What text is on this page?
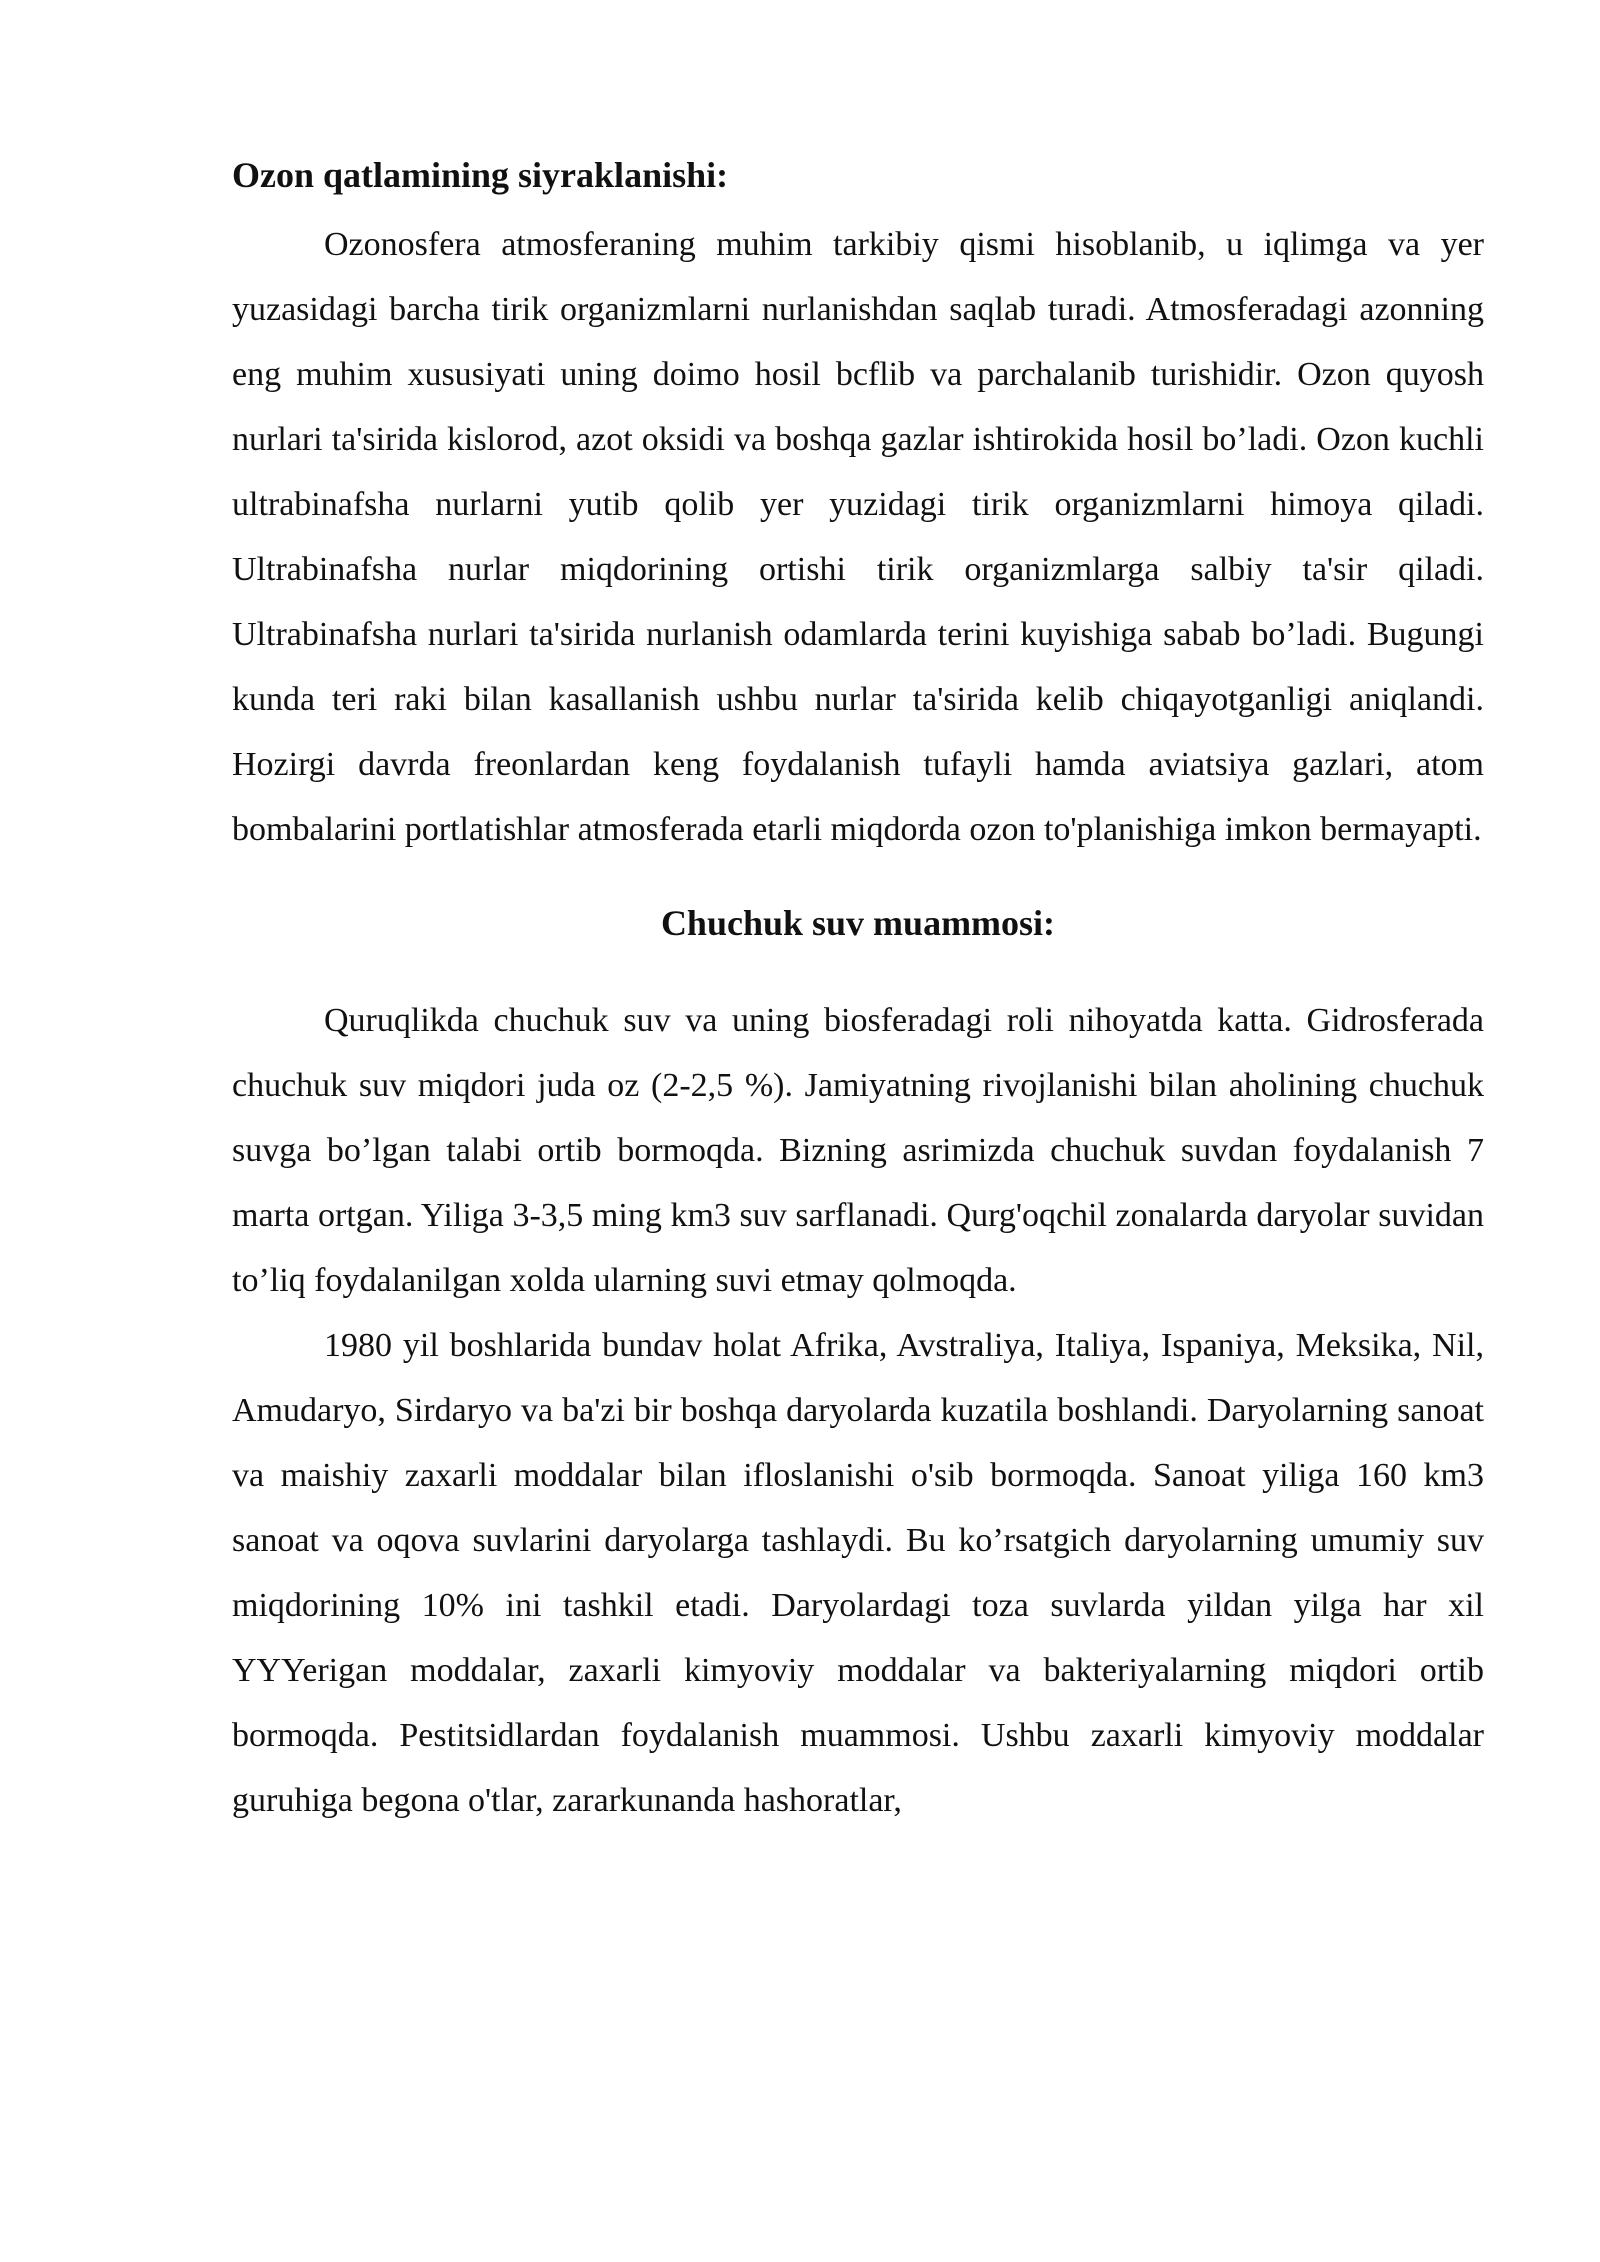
Ozon qatlamining siyraklanishi:

Ozonosfera atmosferaning muhim tarkibiy qismi hisoblanib, u iqlimga va yer yuzasidagi barcha tirik organizmlarni nurlanishdan saqlab turadi. Atmosferadagi azonning eng muhim xususiyati uning doimo hosil bcflib va parchalanib turishidir. Ozon quyosh nurlari ta'sirida kislorod, azot oksidi va boshqa gazlar ishtirokida hosil bo’ladi. Ozon kuchli ultrabinafsha nurlarni yutib qolib yer yuzidagi tirik organizmlarni himoya qiladi. Ultrabinafsha nurlar miqdorining ortishi tirik organizmlarga salbiy ta'sir qiladi. Ultrabinafsha nurlari ta'sirida nurlanish odamlarda terini kuyishiga sabab bo’ladi. Bugungi kunda teri raki bilan kasallanish ushbu nurlar ta'sirida kelib chiqayotganligi aniqlandi. Hozirgi davrda freonlardan keng foydalanish tufayli hamda aviatsiya gazlari, atom bombalarini portlatishlar atmosferada etarli miqdorda ozon to'planishiga imkon bermayapti.

Chuchuk suv muammosi:

Quruqlikda chuchuk suv va uning biosferadagi roli nihoyatda katta. Gidrosferada chuchuk suv miqdori juda oz (2-2,5 %). Jamiyatning rivojlanishi bilan aholining chuchuk suvga bo’lgan talabi ortib bormoqda. Bizning asrimizda chuchuk suvdan foydalanish 7 marta ortgan. Yiliga 3-3,5 ming km3 suv sarflanadi. Qurg'oqchil zonalarda daryolar suvidan to’liq foydalanilgan xolda ularning suvi etmay qolmoqda.

1980 yil boshlarida bundav holat Afrika, Avstraliya, Italiya, Ispaniya, Meksika, Nil, Amudaryo, Sirdaryo va ba'zi bir boshqa daryolarda kuzatila boshlandi. Daryolarning sanoat va maishiy zaxarli moddalar bilan ifloslanishi o'sib bormoqda. Sanoat yiliga 160 km3 sanoat va oqova suvlarini daryolarga tashlaydi. Bu ko’rsatgich daryolarning umumiy suv miqdorining 10% ini tashkil etadi. Daryolardagi toza suvlarda yildan yilga har xil YYYerigan moddalar, zaxarli kimyoviy moddalar va bakteriyalarning miqdori ortib bormoqda. Pestitsidlardan foydalanish muammosi. Ushbu zaxarli kimyoviy moddalar guruhiga begona o'tlar, zararkunanda hashoratlar,
